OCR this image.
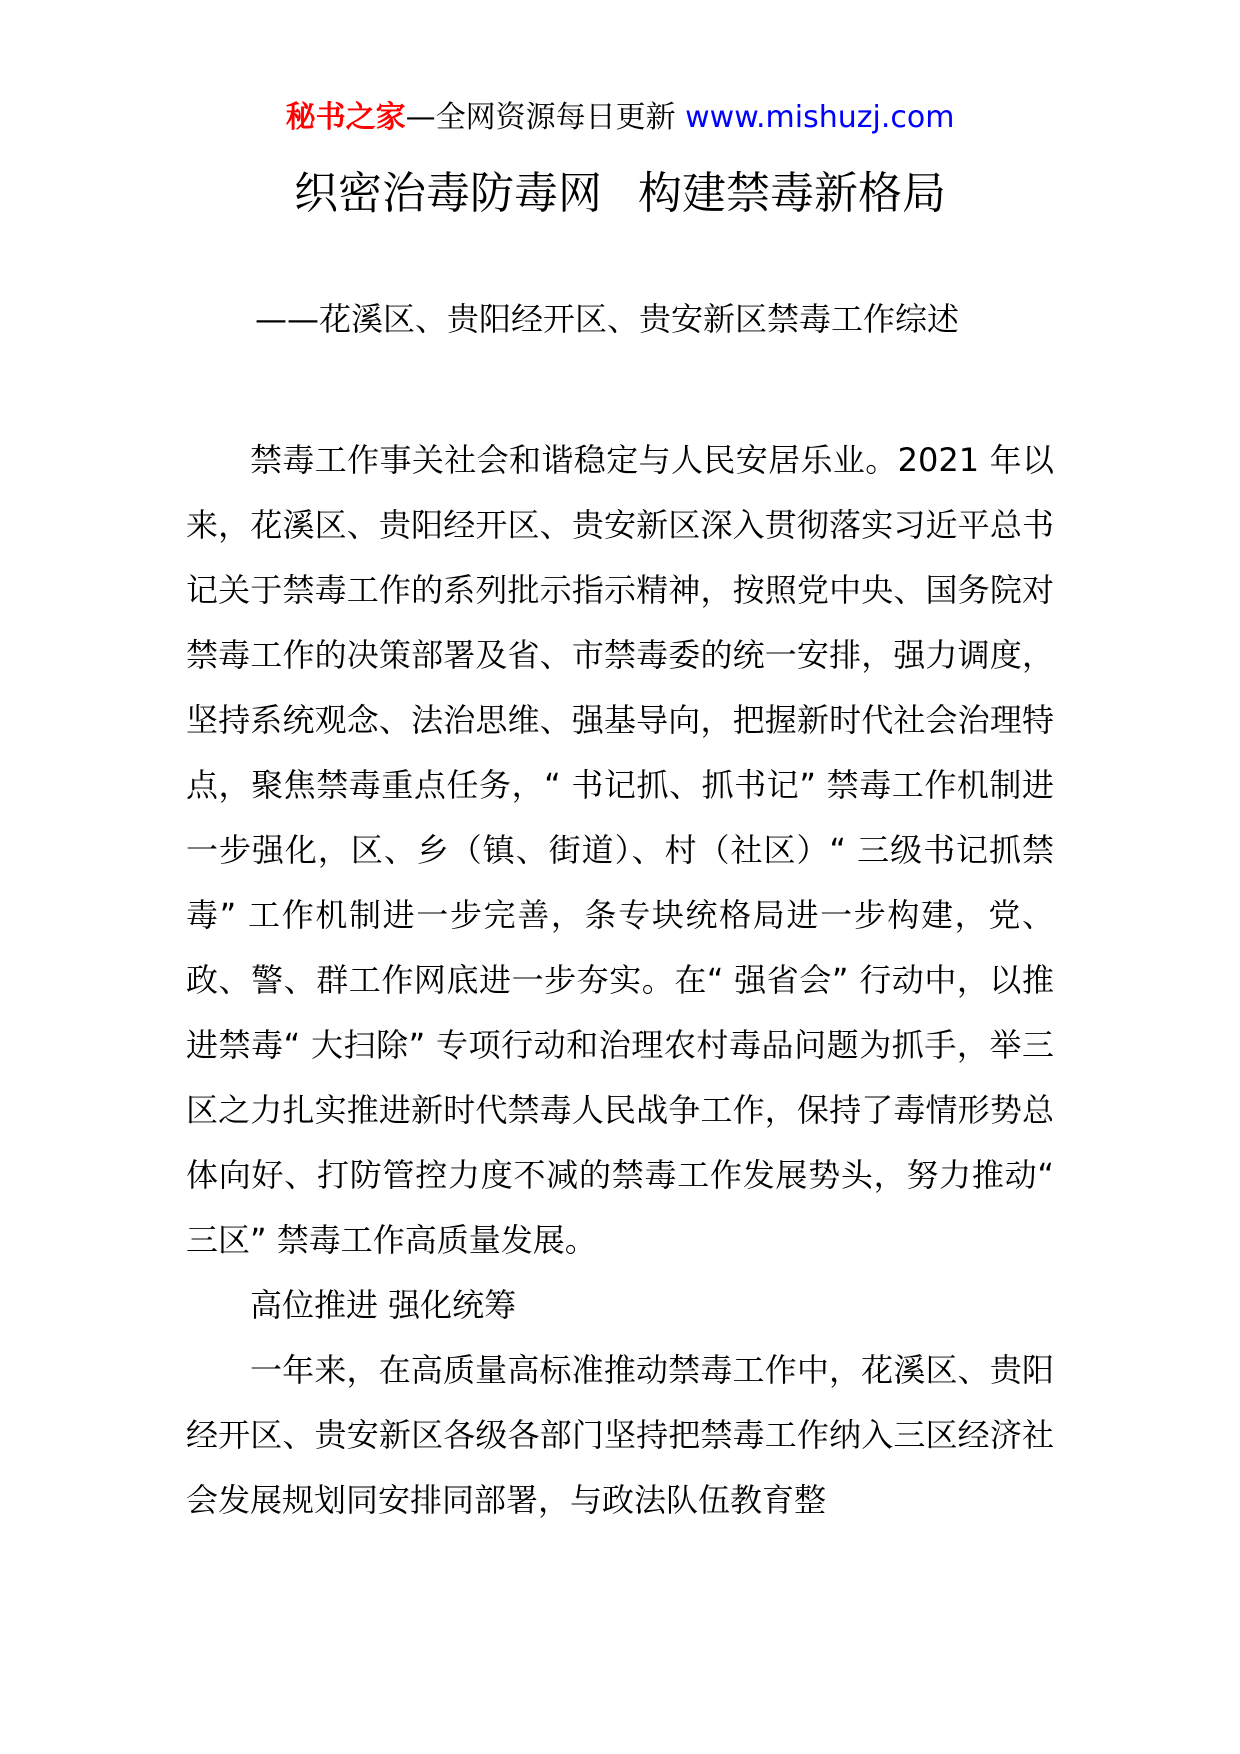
秘书之家—全网资源每日更新 www.mishuzj.com
织密治毒防毒网 构建禁毒新格局
——花溪区、贵阳经开区、贵安新区禁毒工作综述

禁毒工作事关社会和谐稳定与人民安居乐业。2021 年以来，花溪区、贵阳经开区、贵安新区深入贯彻落实习近平总书记关于禁毒工作的系列批示指示精神，按照党中央、国务院对禁毒工作的决策部署及省、市禁毒委的统一安排，强力调度，坚持系统观念、法治思维、强基导向，把握新时代社会治理特点，聚焦禁毒重点任务，“ 书记抓、抓书记” 禁毒工作机制进一步强化，区、乡（镇、街道）、村（社区）“ 三级书记抓禁毒” 工作机制进一步完善，条专块统格局进一步构建，党、政、警、群工作网底进一步夯实。在“ 强省会” 行动中，以推进禁毒“ 大扫除” 专项行动和治理农村毒品问题为抓手，举三区之力扎实推进新时代禁毒人民战争工作，保持了毒情形势总体向好、打防管控力度不减的禁毒工作发展势头，努力推动“ 三区” 禁毒工作高质量发展。

高位推进 强化统筹

一年来，在高质量高标准推动禁毒工作中，花溪区、贵阳经开区、贵安新区各级各部门坚持把禁毒工作纳入三区经济社会发展规划同安排同部署，与政法队伍教育整
